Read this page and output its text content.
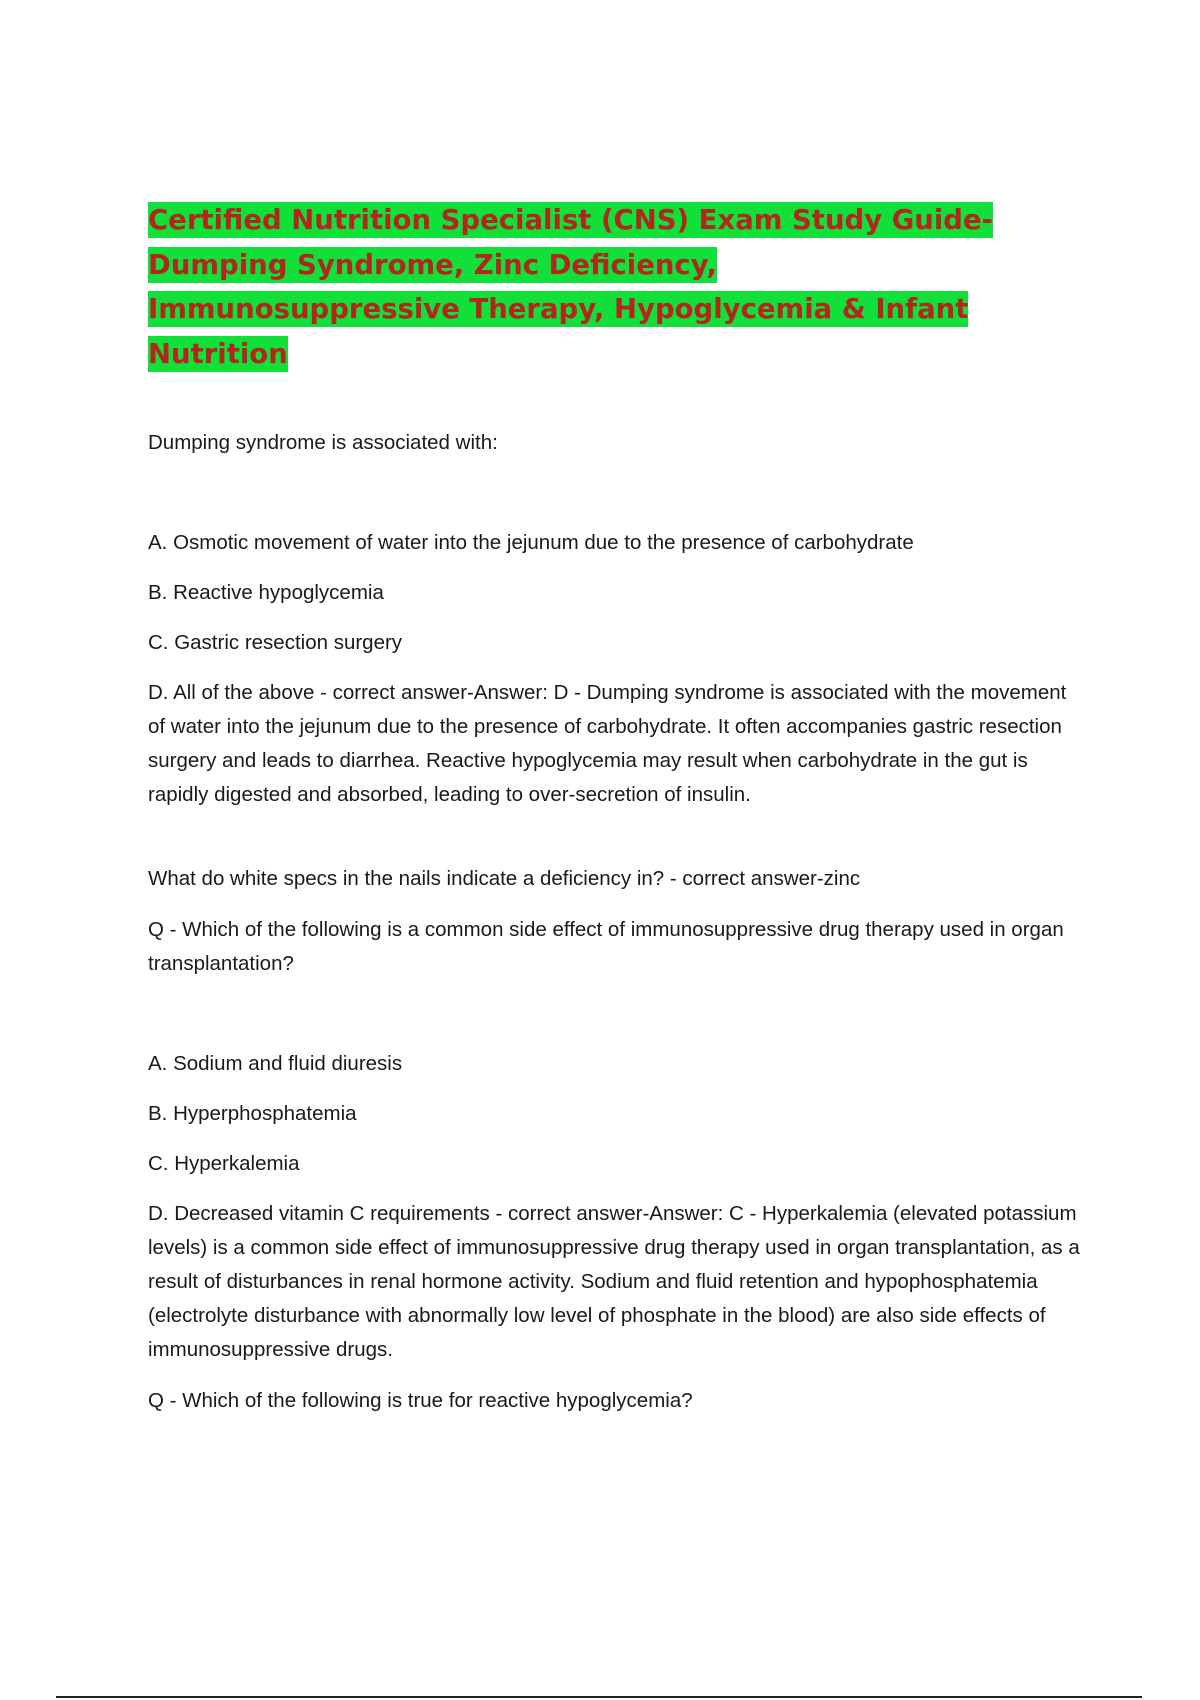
Certified Nutrition Specialist (CNS) Exam Study Guide- Dumping Syndrome, Zinc Deficiency, Immunosuppressive Therapy, Hypoglycemia & Infant Nutrition

Dumping syndrome is associated with:

A. Osmotic movement of water into the jejunum due to the presence of carbohydrate

B. Reactive hypoglycemia

C. Gastric resection surgery

D. All of the above - correct answer-Answer: D - Dumping syndrome is associated with the movement of water into the jejunum due to the presence of carbohydrate. It often accompanies gastric resection surgery and leads to diarrhea. Reactive hypoglycemia may result when carbohydrate in the gut is rapidly digested and absorbed, leading to over-secretion of insulin.

What do white specs in the nails indicate a deficiency in? - correct answer-zinc

Q - Which of the following is a common side effect of immunosuppressive drug therapy used in organ transplantation?

A. Sodium and fluid diuresis

B. Hyperphosphatemia

C. Hyperkalemia

D. Decreased vitamin C requirements - correct answer-Answer: C - Hyperkalemia (elevated potassium levels) is a common side effect of immunosuppressive drug therapy used in organ transplantation, as a result of disturbances in renal hormone activity. Sodium and fluid retention and hypophosphatemia (electrolyte disturbance with abnormally low level of phosphate in the blood) are also side effects of immunosuppressive drugs.

Q - Which of the following is true for reactive hypoglycemia?
